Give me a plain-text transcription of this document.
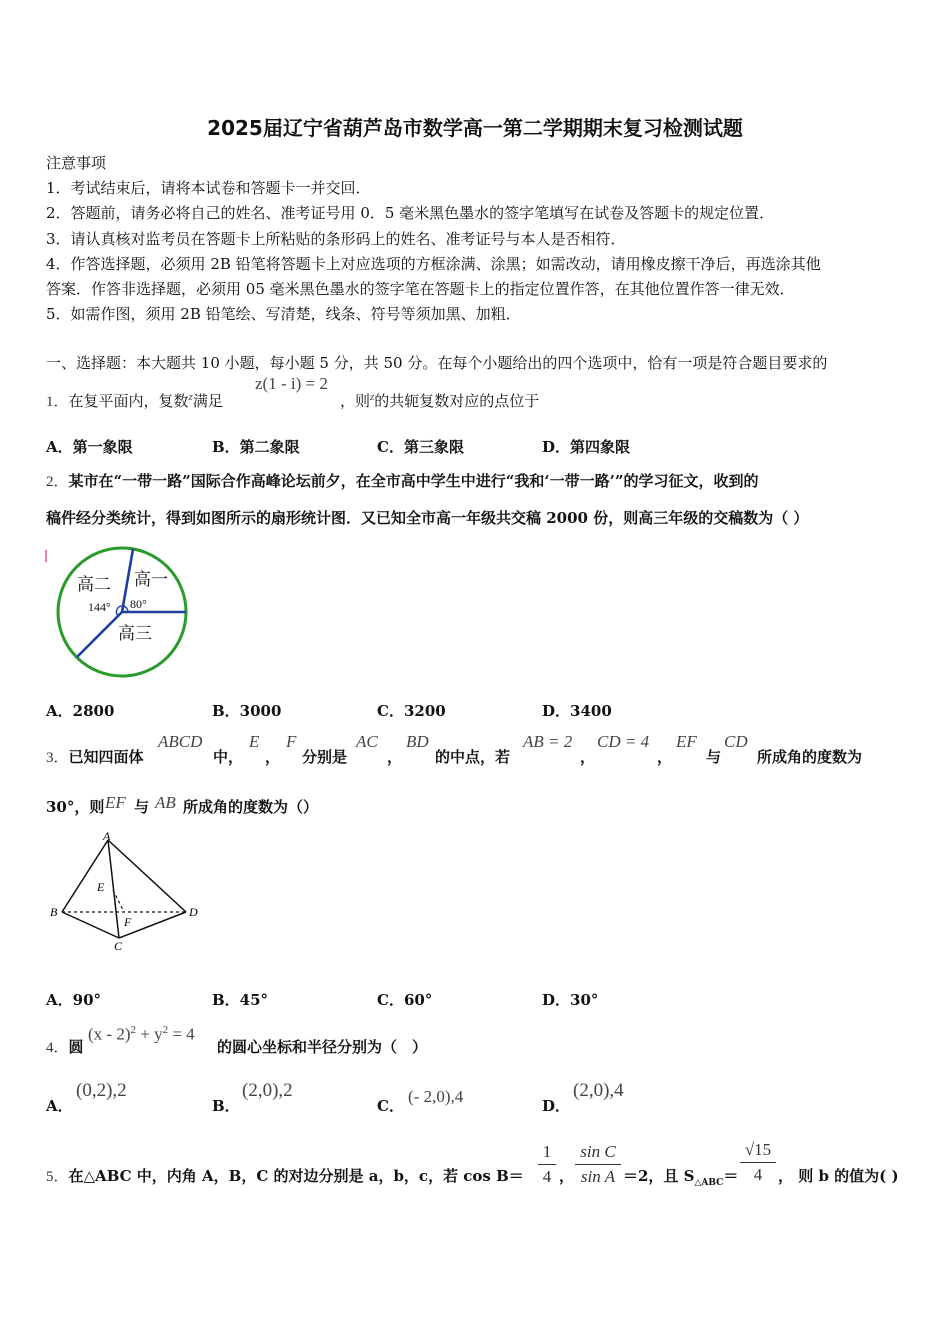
2025届辽宁省葫芦岛市数学高一第二学期期末复习检测试题
注意事项
1．考试结束后，请将本试卷和答题卡一并交回．
2．答题前，请务必将自己的姓名、准考证号用 0．5 毫米黑色墨水的签字笔填写在试卷及答题卡的规定位置．
3．请认真核对监考员在答题卡上所粘贴的条形码上的姓名、准考证号与本人是否相符．
4．作答选择题，必须用 2B 铅笔将答题卡上对应选项的方框涂满、涂黑；如需改动，请用橡皮擦干净后，再选涂其他
答案．作答非选择题，必须用 05 毫米黑色墨水的签字笔在答题卡上的指定位置作答，在其他位置作答一律无效．
5．如需作图，须用 2B 铅笔绘、写清楚，线条、符号等须加黑、加粗．
一、选择题：本大题共 10 小题，每小题 5 分，共 50 分。在每个小题给出的四个选项中，恰有一项是符合题目要求的
1．在复平面内，复数$^z$满足
z(1 - i) = 2
，则$^z$的共轭复数对应的点位于
A．第一象限	B．第二象限	C．第三象限	D．第四象限
2．某市在“一带一路”国际合作高峰论坛前夕，在全市高中学生中进行“我和‘一带一路’”的学习征文，收到的
稿件经分类统计，得到如图所示的扇形统计图．又已知全市高一年级共交稿 2000 份，则高三年级的交稿数为（ ）
高二 高一
高三
144° 80°
A．2800	B．3000	C．3200	D．3400
3．已知四面体
ABCD
中，
E
，
F
分别是
AC
，
BD
的中点，若
AB = 2
，
CD = 4
，
EF
与
CD
所成角的度数为
30°，则 EF 与 AB 所成角的度数为（）
A
E
B
F
D
C
A．90°	B．45°	C．60°	D．30°
4．圆
$(x - 2)^2 + y^2 = 4$
的圆心坐标和半径分别为（　）
A．
(0,2),2
B．
(2,0),2
C． (- 2,0),4	D．
(2,0),4
5．在△ABC 中，内角 A，B，C 的对边分别是 a，b，c，若 cos B＝
1
4 ，
sin C
sin A ＝2，且 $S_{\triangle ABC}=$
√15
4	， 则 b 的值为( )
